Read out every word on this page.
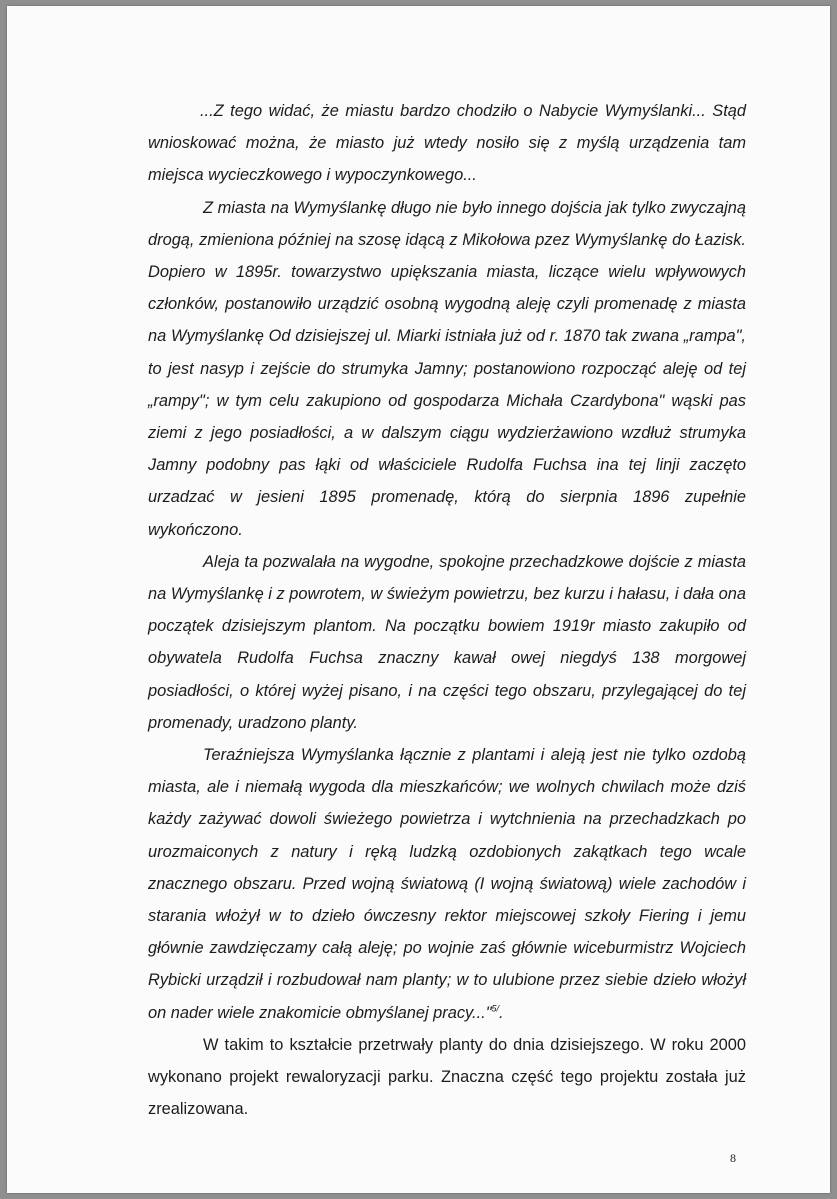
...Z tego widać, że miastu bardzo chodziło o Nabycie Wymyślanki... Stąd wnioskować można, że miasto już wtedy nosiło się z myślą urządzenia tam miejsca wycieczkowego i wypoczynkowego...

Z miasta na Wymyślankę długo nie było innego dojścia jak tylko zwyczajną drogą, zmieniona później na szosę idącą z Mikołowa pzez Wymyślankę do Łazisk. Dopiero w 1895r. towarzystwo upiększania miasta, liczące wielu wpływowych członków, postanowiło urządzić osobną wygodną aleję czyli promenadę z miasta na Wymyślankę Od dzisiejszej ul. Miarki istniała już od r. 1870 tak zwana „rampa", to jest nasyp i zejście do strumyka Jamny; postanowiono rozpocząć aleję od tej „rampy"; w tym celu zakupiono od gospodarza Michała Czardybona" wąski pas ziemi z jego posiadłości, a w dalszym ciągu wydzierżawiono wzdłuż strumyka Jamny podobny pas łąki od właściciele Rudolfa Fuchsa ina tej linji zaczęto urzadzać w jesieni 1895 promenadę, którą do sierpnia 1896 zupełnie wykończono.

Aleja ta pozwalała na wygodne, spokojne przechadzkowe dojście z miasta na Wymyślankę i z powrotem, w świeżym powietrzu, bez kurzu i hałasu, i dała ona początek dzisiejszym plantom. Na początku bowiem 1919r miasto zakupiło od obywatela Rudolfa Fuchsa znaczny kawał owej niegdyś 138 morgowej posiadłości, o której wyżej pisano, i na części tego obszaru, przylegającej do tej promenady, uradzono planty.

Teraźniejsza Wymyślanka łącznie z plantami i aleją jest nie tylko ozdobą miasta, ale i niemałą wygoda dla mieszkańców; we wolnych chwilach może dziś każdy zażywać dowoli świeżego powietrza i wytchnienia na przechadzkach po urozmaiconych z natury i ręką ludzką ozdobionych zakątkach tego wcale znacznego obszaru. Przed wojną światową (I wojną światową) wiele zachodów i starania włożył w to dzieło ówczesny rektor miejscowej szkoły Fiering i jemu głównie zawdzięczamy całą aleję; po wojnie zaś głównie wiceburmistrz Wojciech Rybicki urządził i rozbudował nam planty; w to ulubione przez siebie dzieło włożył on nader wiele znakomicie obmyślanej pracy..."$^{5/}$.

W takim to kształcie przetrwały planty do dnia dzisiejszego. W roku 2000 wykonano projekt rewaloryzacji parku. Znaczna część tego projektu została już zrealizowana.

8
